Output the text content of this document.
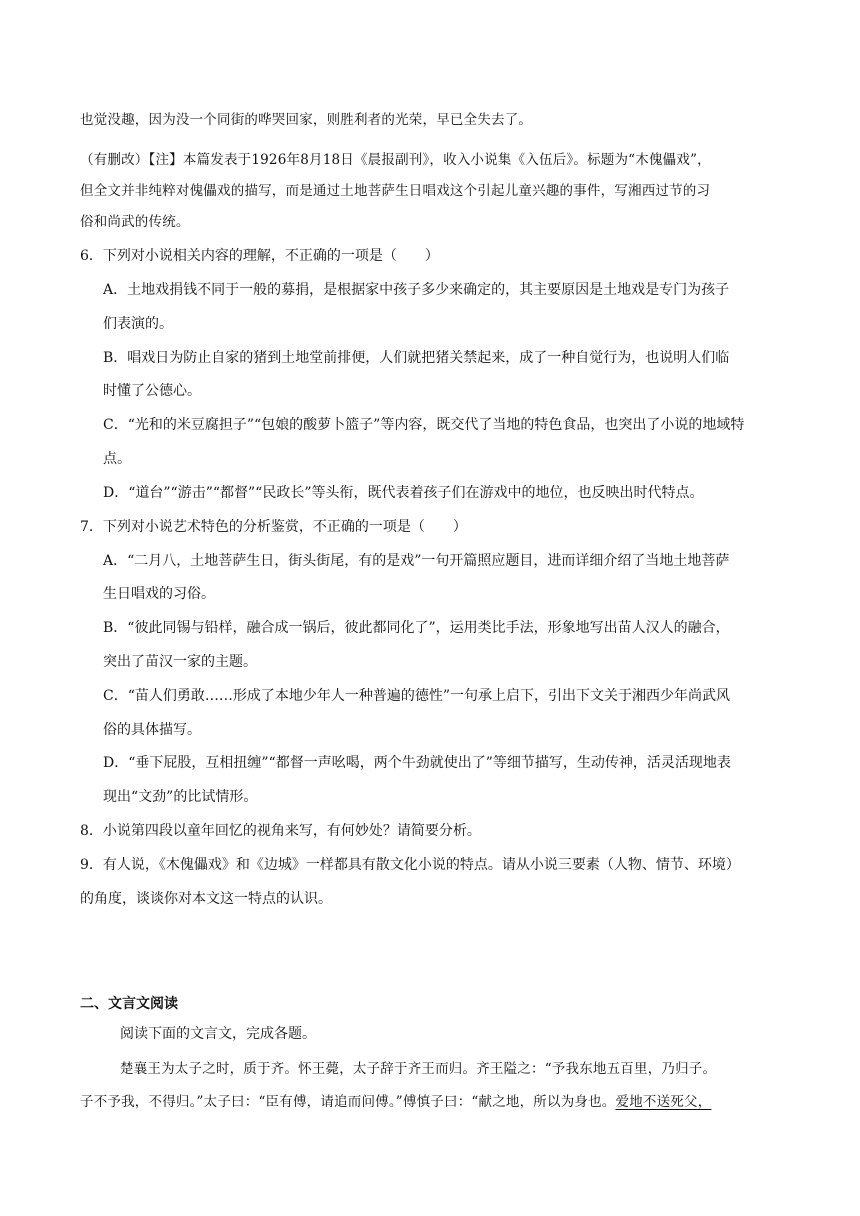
也觉没趣，因为没一个同街的哗哭回家，则胜利者的光荣，早已全失去了。
（有删改）【注】本篇发表于1926年8月18日《晨报副刊》，收入小说集《入伍后》。标题为“木傀儡戏”，
但全文并非纯粹对傀儡戏的描写，而是通过土地菩萨生日唱戏这个引起儿童兴趣的事件，写湘西过节的习
俗和尚武的传统。
6．下列对小说相关内容的理解，不正确的一项是（　　）
A．土地戏捐钱不同于一般的募捐，是根据家中孩子多少来确定的，其主要原因是土地戏是专门为孩子
们表演的。
B．唱戏日为防止自家的猪到土地堂前排便，人们就把猪关禁起来，成了一种自觉行为，也说明人们临
时懂了公德心。
C．“光和的米豆腐担子”“包娘的酸萝卜篮子”等内容，既交代了当地的特色食品，也突出了小说的地域特
点。
D．“道台”“游击”“都督”“民政长”等头衔，既代表着孩子们在游戏中的地位，也反映出时代特点。
7．下列对小说艺术特色的分析鉴赏，不正确的一项是（　　）
A．“二月八，土地菩萨生日，街头街尾，有的是戏”一句开篇照应题目，进而详细介绍了当地土地菩萨
生日唱戏的习俗。
B．“彼此同锡与铅样，融合成一锅后，彼此都同化了”，运用类比手法，形象地写出苗人汉人的融合，
突出了苗汉一家的主题。
C．“苗人们勇敢……形成了本地少年人一种普遍的德性”一句承上启下，引出下文关于湘西少年尚武风
俗的具体描写。
D．“垂下屁股，互相扭缠”“都督一声吆喝，两个牛劲就使出了”等细节描写，生动传神，活灵活现地表
现出“文劲”的比试情形。
8．小说第四段以童年回忆的视角来写，有何妙处？请简要分析。
9．有人说，《木傀儡戏》和《边城》一样都具有散文化小说的特点。请从小说三要素（人物、情节、环境）
的角度，谈谈你对本文这一特点的认识。
二、文言文阅读
阅读下面的文言文，完成各题。
楚襄王为太子之时，质于齐。怀王薨，太子辞于齐王而归。齐王隘之：“予我东地五百里，乃归子。
子不予我，不得归。”太子曰：“臣有傅，请追而问傅。”傅慎子曰：“献之地，所以为身也。爱地不送死父，
